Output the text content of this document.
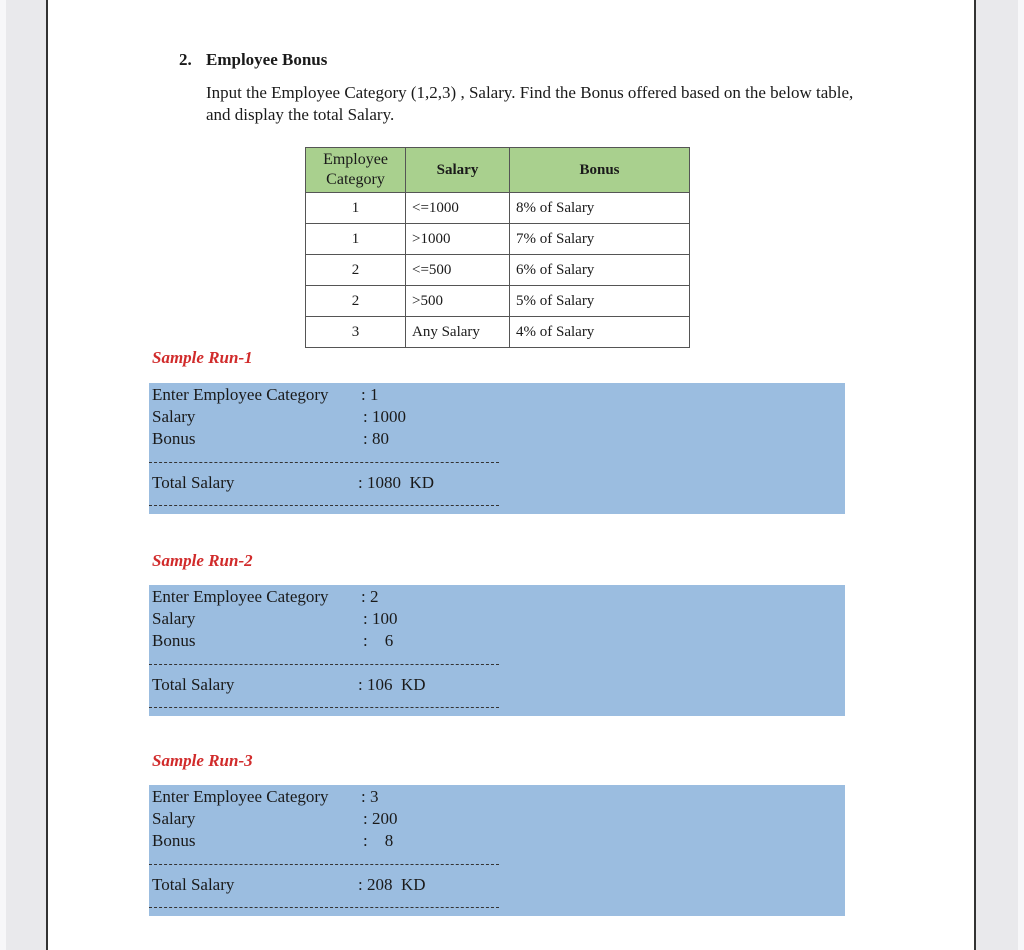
2. Employee Bonus
Input the Employee Category (1,2,3) , Salary. Find the Bonus offered based on the below table, and display the total Salary.
Employee Category	Salary	Bonus
1	<=1000	8% of Salary
1	>1000	7% of Salary
2	<=500	6% of Salary
2	>500	5% of Salary
3	Any Salary	4% of Salary
Sample Run-1
Enter Employee Category : 1
Salary	: 1000
Bonus	: 80
Total Salary	: 1080  KD
Sample Run-2
Enter Employee Category : 2
Salary	: 100
Bonus	:    6
Total Salary	: 106  KD
Sample Run-3
Enter Employee Category : 3
Salary	: 200
Bonus	:    8
Total Salary	: 208  KD
